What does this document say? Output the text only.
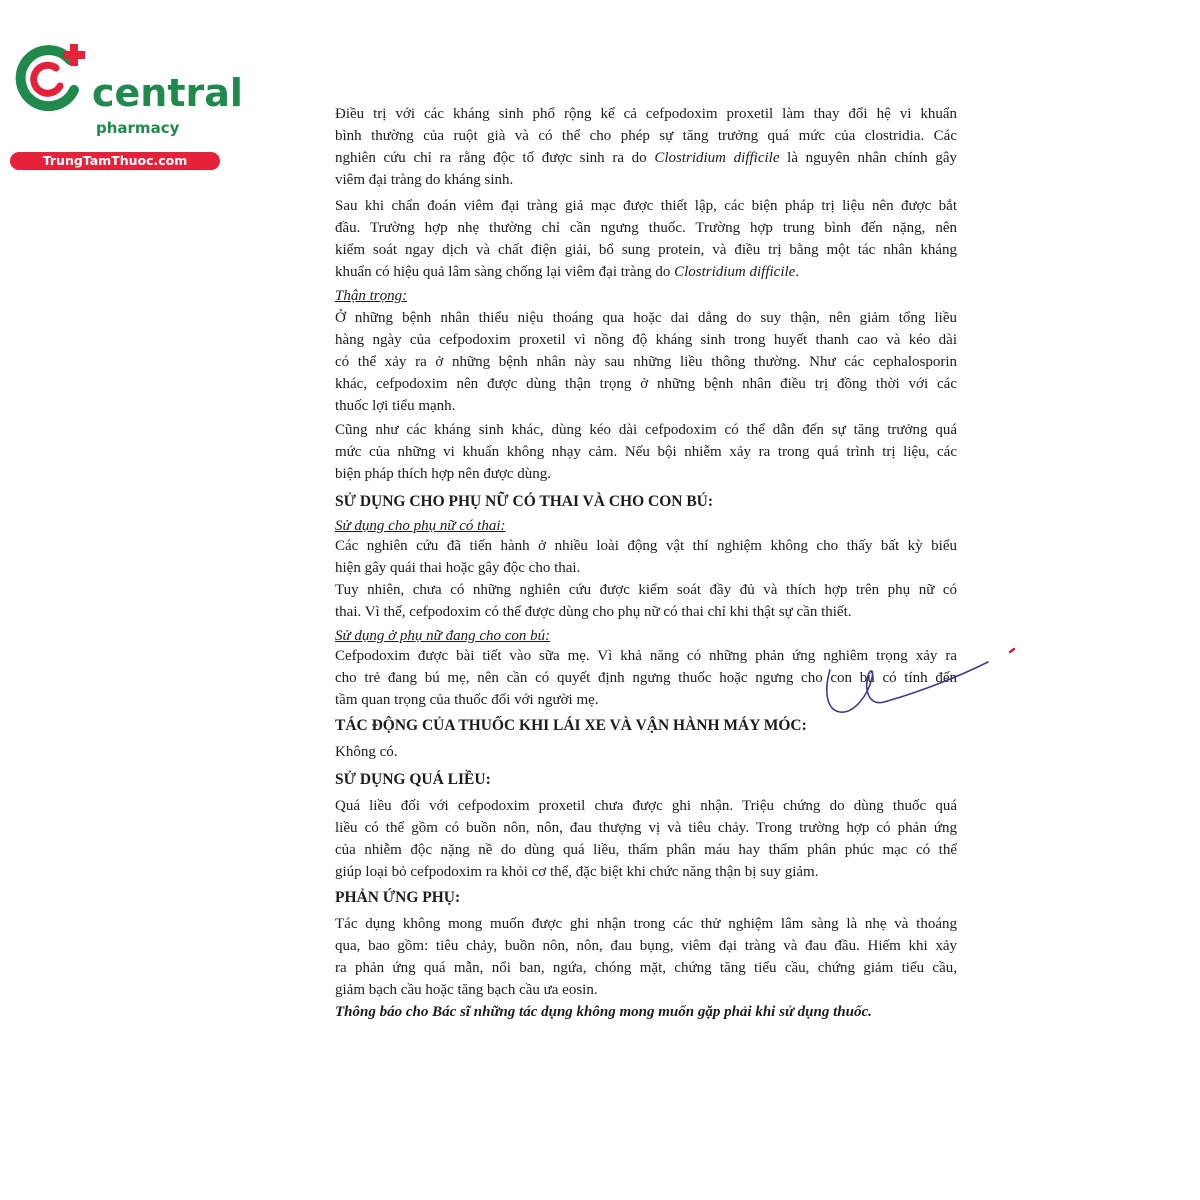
central
pharmacy
TrungTamThuoc.com
Điều trị với các kháng sinh phổ rộng kể cả cefpodoxim proxetil làm thay đổi hệ vi khuẩn
bình thường của ruột già và có thể cho phép sự tăng trưởng quá mức của clostridia. Các
nghiên cứu chỉ ra rằng độc tố được sinh ra do Clostridium difficile là nguyên nhân chính gây
viêm đại tràng do kháng sinh.
Sau khi chẩn đoán viêm đại tràng giả mạc được thiết lập, các biện pháp trị liệu nên được bắt
đầu. Trường hợp nhẹ thường chỉ cần ngưng thuốc. Trường hợp trung bình đến nặng, nên
kiểm soát ngay dịch và chất điện giải, bổ sung protein, và điều trị bằng một tác nhân kháng
khuẩn có hiệu quả lâm sàng chống lại viêm đại tràng do Clostridium difficile.
Thận trọng:
Ở những bệnh nhân thiểu niệu thoáng qua hoặc dai dẳng do suy thận, nên giảm tổng liều
hàng ngày của cefpodoxim proxetil vì nồng độ kháng sinh trong huyết thanh cao và kéo dài
có thể xảy ra ở những bệnh nhân này sau những liều thông thường. Như các cephalosporin
khác, cefpodoxim nên được dùng thận trọng ở những bệnh nhân điều trị đồng thời với các
thuốc lợi tiểu mạnh.
Cũng như các kháng sinh khác, dùng kéo dài cefpodoxim có thể dẫn đến sự tăng trưởng quá
mức của những vi khuẩn không nhạy cảm. Nếu bội nhiễm xảy ra trong quá trình trị liệu, các
biện pháp thích hợp nên được dùng.
SỬ DỤNG CHO PHỤ NỮ CÓ THAI VÀ CHO CON BÚ:
Sử dụng cho phụ nữ có thai:
Các nghiên cứu đã tiến hành ở nhiều loài động vật thí nghiệm không cho thấy bất kỳ biểu
hiện gây quái thai hoặc gây độc cho thai.
Tuy nhiên, chưa có những nghiên cứu được kiểm soát đầy đủ và thích hợp trên phụ nữ có
thai. Vì thế, cefpodoxim có thể được dùng cho phụ nữ có thai chỉ khi thật sự cần thiết.
Sử dụng ở phụ nữ đang cho con bú:
Cefpodoxim được bài tiết vào sữa mẹ. Vì khả năng có những phản ứng nghiêm trọng xảy ra
cho trẻ đang bú mẹ, nên cần có quyết định ngưng thuốc hoặc ngưng cho con bú có tính đến
tầm quan trọng của thuốc đối với người mẹ.
TÁC ĐỘNG CỦA THUỐC KHI LÁI XE VÀ VẬN HÀNH MÁY MÓC:
Không có.
SỬ DỤNG QUÁ LIỀU:
Quá liều đối với cefpodoxim proxetil chưa được ghi nhận. Triệu chứng do dùng thuốc quá
liều có thể gồm có buồn nôn, nôn, đau thượng vị và tiêu chảy. Trong trường hợp có phản ứng
của nhiễm độc nặng nề do dùng quá liều, thẩm phân máu hay thẩm phân phúc mạc có thể
giúp loại bỏ cefpodoxim ra khỏi cơ thể, đặc biệt khi chức năng thận bị suy giảm.
PHẢN ỨNG PHỤ:
Tác dụng không mong muốn được ghi nhận trong các thử nghiệm lâm sàng là nhẹ và thoáng
qua, bao gồm: tiêu chảy, buồn nôn, nôn, đau bụng, viêm đại tràng và đau đầu. Hiếm khi xảy
ra phản ứng quá mẫn, nổi ban, ngứa, chóng mặt, chứng tăng tiểu cầu, chứng giảm tiểu cầu,
giảm bạch cầu hoặc tăng bạch cầu ưa eosin.
Thông báo cho Bác sĩ những tác dụng không mong muốn gặp phải khi sử dụng thuốc.
